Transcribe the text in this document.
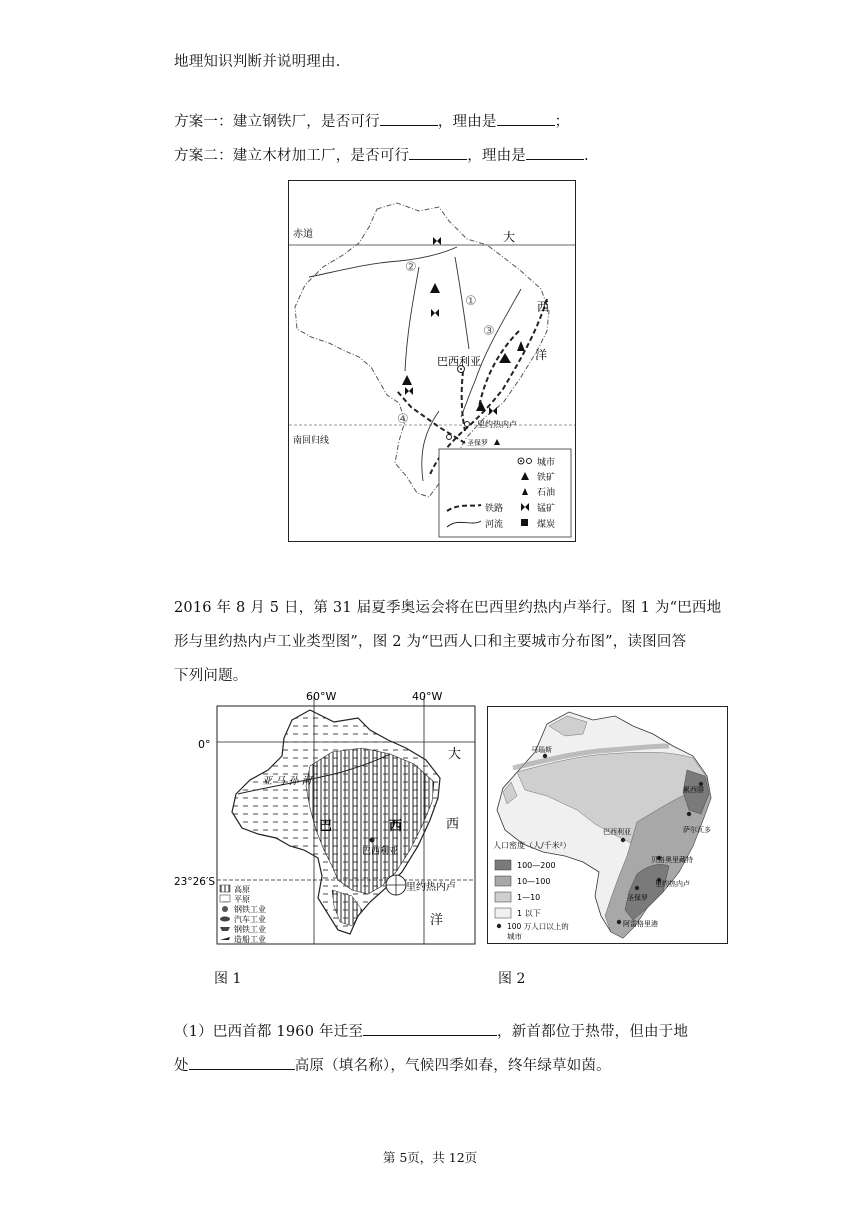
地理知识判断并说明理由.
方案一：建立钢铁厂，是否可行	，理由是	；
方案二：建立木材加工厂，是否可行	，理由是	.
赤道
南回归线
巴西利亚
里约热内卢
圣保罗
大
西
洋
①
②
③
④
城市
铁矿
石油
锰矿
煤炭
铁路
河流
2016 年 8 月 5 日，第 31 届夏季奥运会将在巴西里约热内卢举行。图 1 为“巴西地
形与里约热内卢工业类型图”，图 2 为“巴西人口和主要城市分布图”，读图回答
下列问题。
60°W	40°W
0°
23°26′S
亚 马 孙 河
巴	西
巴西利亚
里约热内卢
大
西
洋
高原
平原
钢铁工业
汽车工业
钢铁工业
造船工业
马瑙斯
累西腓
萨尔瓦多
巴西利亚
贝洛奥里藏特
里约热内卢
圣保罗
阿雷格里港
人口密度（人/千米²）
100—200
10—100
1—10
1 以下
100 万人口以上的
城市
图 1	图 2
（1）巴西首都 1960 年迁至	，新首都位于热带，但由于地
处	高原（填名称），气候四季如春，终年绿草如茵。
第 5页，共 12页
